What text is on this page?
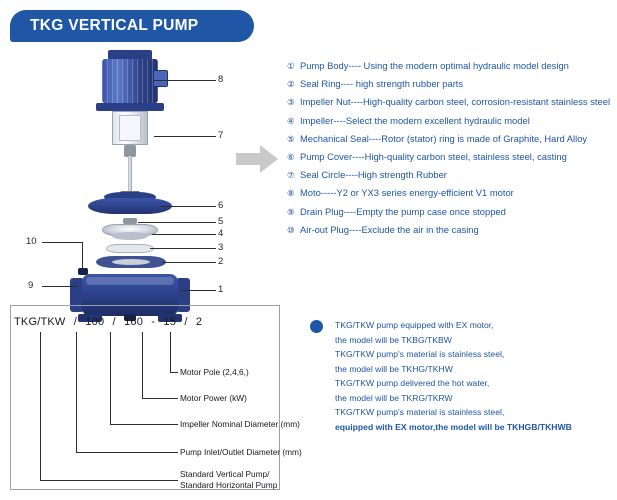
TKG VERTICAL PUMP
8
7
6
5
4
3
2
1
10
9
① Pump Body ---- Using the modern optimal hydraulic model design
② Seal Ring ---- high strength rubber parts
③ Impeller Nut ----High-quality carbon steel, corrosion-resistant stainless steel
④ Impeller ----Select the modern excellent hydraulic model
⑤ Mechanical Seal ----Rotor (stator) ring is made of Graphite, Hard Alloy
⑥ Pump Cover ----High-quality carbon steel, stainless steel, casting
⑦ Seal Circle ----High strength Rubber
⑧ Moto -----Y2 or YX3 series energy-efficient V1 motor
⑨ Drain Plug ----Empty the pump case once stopped
⑩ Air-out Plug ----Exclude the air in the casing
TKG/TKW / 100 / 160 - 15 / 2
Motor Pole (2,4,6,)
Motor Power (kW)
Impeller Nominal Diameter (mm)
Pump Inlet/Outlet Diameter (mm)
Standard Vertical Pump/
Standard Horizontal Pump
TKG/TKW pump equipped with EX motor,
the model will be TKBG/TKBW
TKG/TKW pump's material is stainless steel,
the model will be TKHG/TKHW
TKG/TKW pump delivered the hot water,
the model will be TKRG/TKRW
TKG/TKW pump's material is stainless steel,
equipped with EX motor,the model will be TKHGB/TKHWB
